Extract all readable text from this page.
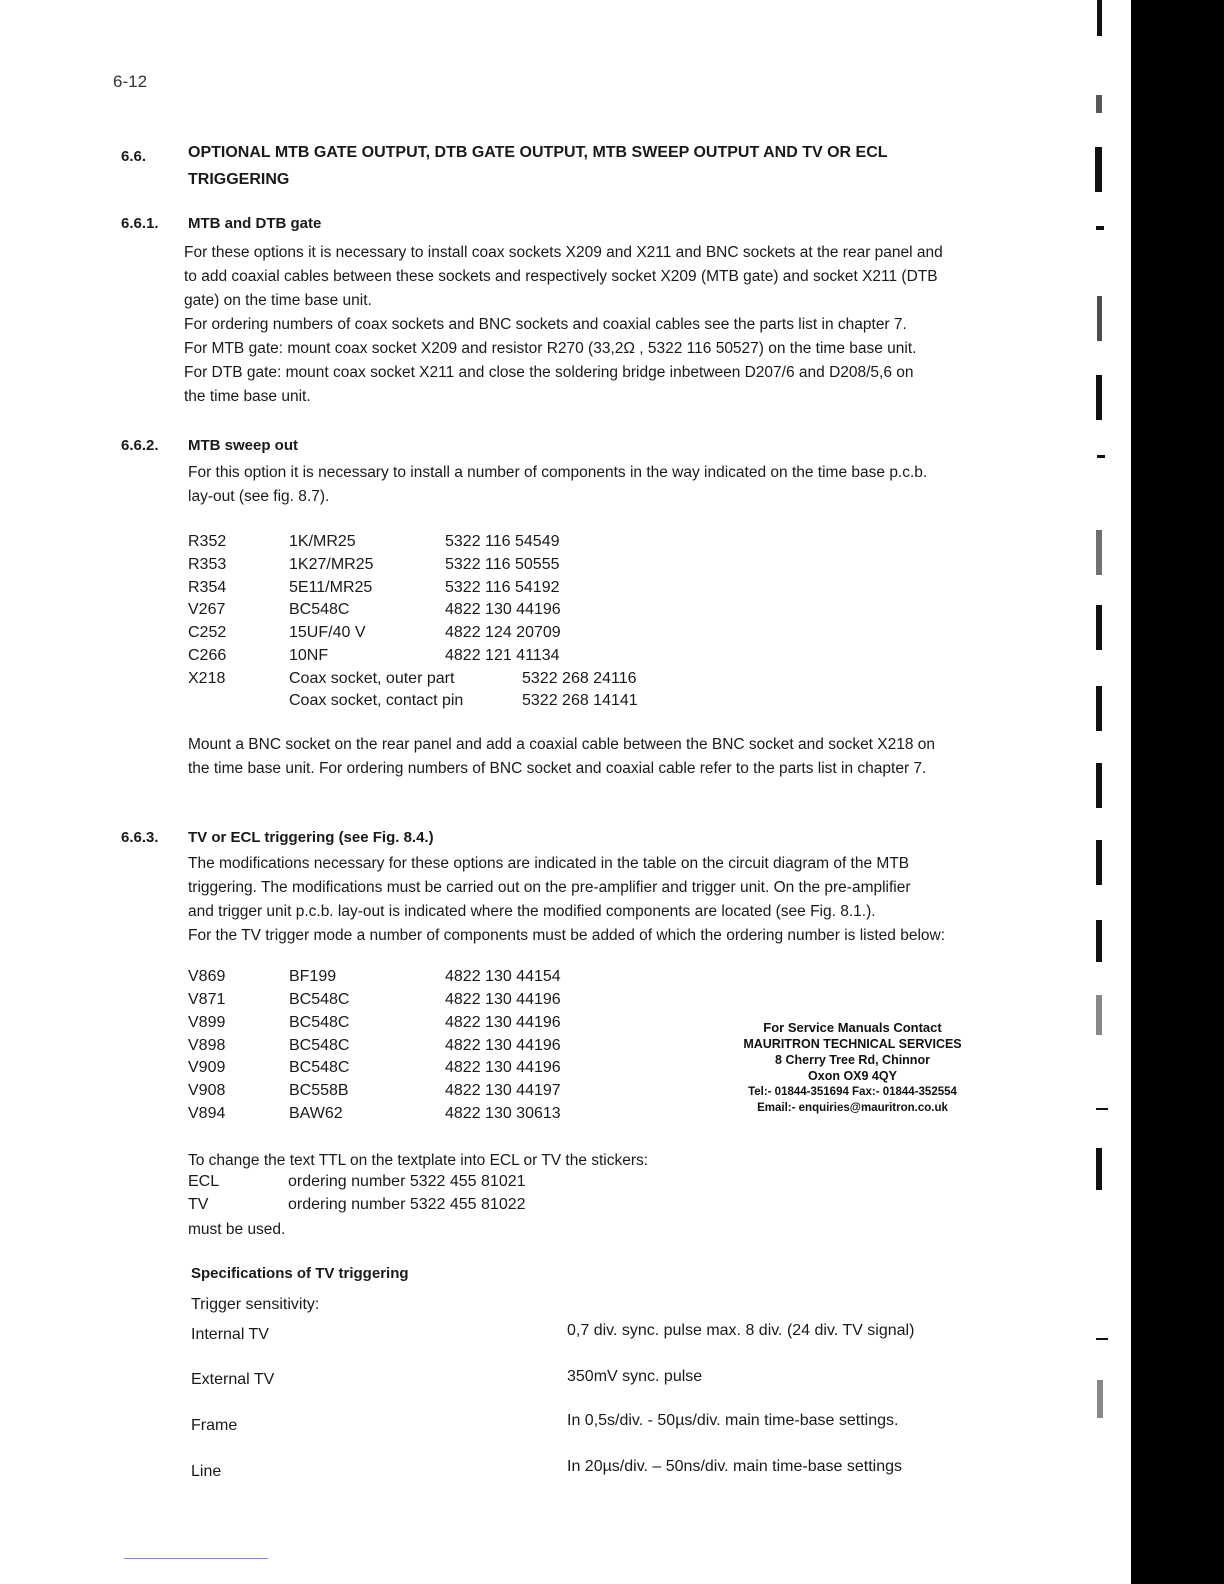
6-12
6.6.	OPTIONAL MTB GATE OUTPUT, DTB GATE OUTPUT, MTB SWEEP OUTPUT AND TV OR ECL
TRIGGERING
6.6.1. MTB and DTB gate
For these options it is necessary to install coax sockets X209 and X211 and BNC sockets at the rear panel and
to add coaxial cables between these sockets and respectively socket X209 (MTB gate) and socket X211 (DTB
gate) on the time base unit.
For ordering numbers of coax sockets and BNC sockets and coaxial cables see the parts list in chapter 7.
For MTB gate: mount coax socket X209 and resistor R270 (33,2Ω , 5322 116 50527) on the time base unit.
For DTB gate: mount coax socket X211 and close the soldering bridge inbetween D207/6 and D208/5,6 on
the time base unit.
6.6.2. MTB sweep out
For this option it is necessary to install a number of components in the way indicated on the time base p.c.b.
lay-out (see fig. 8.7).
R352	1K/MR25	5322 116 54549
R353	1K27/MR25	5322 116 50555
R354	5E11/MR25	5322 116 54192
V267	BC548C	4822 130 44196
C252	15UF/40 V	4822 124 20709
C266	10NF	4822 121 41134
X218	Coax socket, outer part	5322 268 24116
Coax socket, contact pin	5322 268 14141
Mount a BNC socket on the rear panel and add a coaxial cable between the BNC socket and socket X218 on
the time base unit. For ordering numbers of BNC socket and coaxial cable refer to the parts list in chapter 7.
6.6.3. TV or ECL triggering (see Fig. 8.4.)
The modifications necessary for these options are indicated in the table on the circuit diagram of the MTB
triggering. The modifications must be carried out on the pre-amplifier and trigger unit. On the pre-amplifier
and trigger unit p.c.b. lay-out is indicated where the modified components are located (see Fig. 8.1.).
For the TV trigger mode a number of components must be added of which the ordering number is listed below:
V869	BF199	4822 130 44154
V871	BC548C	4822 130 44196
V899	BC548C	4822 130 44196
V898	BC548C	4822 130 44196
V909	BC548C	4822 130 44196
V908	BC558B	4822 130 44197
V894	BAW62	4822 130 30613
For Service Manuals Contact
MAURITRON TECHNICAL SERVICES
8 Cherry Tree Rd, Chinnor
Oxon OX9 4QY
Tel:- 01844-351694 Fax:- 01844-352554
Email:- enquiries@mauritron.co.uk
To change the text TTL on the textplate into ECL or TV the stickers:
ECL	ordering number 5322 455 81021
TV	ordering number 5322 455 81022
must be used.
Specifications of TV triggering
Trigger sensitivity:
Internal TV	0,7 div. sync. pulse max. 8 div. (24 div. TV signal)
External TV	350mV sync. pulse
Frame	In 0,5s/div. - 50µs/div. main time-base settings.
Line	In 20µs/div. – 50ns/div. main time-base settings
